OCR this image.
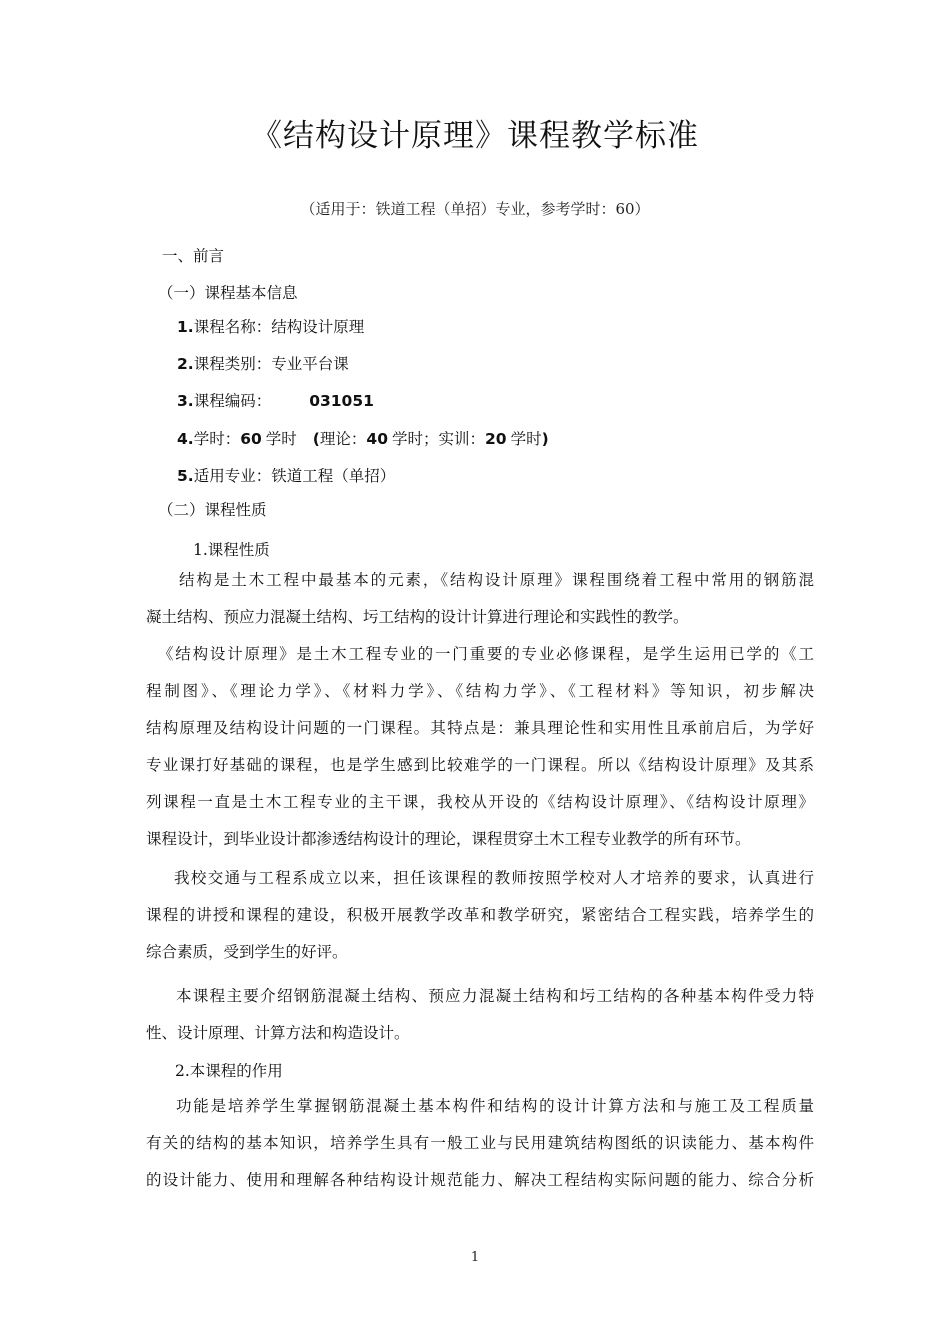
《结构设计原理》课程教学标准
（适用于：铁道工程（单招）专业，参考学时：60）
一、前言
（一）课程基本信息
1.课程名称：结构设计原理
2.课程类别：专业平台课
3.课程编码： 031051
4.学时：60 学时 (理论：40 学时；实训：20 学时)
5.适用专业：铁道工程（单招）
（二）课程性质
1.课程性质
结构是土木工程中最基本的元素，《结构设计原理》课程围绕着工程中常用的钢筋混
凝土结构、预应力混凝土结构、圬工结构的设计计算进行理论和实践性的教学。
《结构设计原理》是土木工程专业的一门重要的专业必修课程，是学生运用已学的《工
程制图》、《理论力学》、《材料力学》、《结构力学》、《工程材料》等知识，初步解决
结构原理及结构设计问题的一门课程。其特点是：兼具理论性和实用性且承前启后，为学好
专业课打好基础的课程，也是学生感到比较难学的一门课程。所以《结构设计原理》及其系
列课程一直是土木工程专业的主干课，我校从开设的《结构设计原理》、《结构设计原理》
课程设计，到毕业设计都渗透结构设计的理论，课程贯穿土木工程专业教学的所有环节。
我校交通与工程系成立以来，担任该课程的教师按照学校对人才培养的要求，认真进行
课程的讲授和课程的建设，积极开展教学改革和教学研究，紧密结合工程实践，培养学生的
综合素质，受到学生的好评。
本课程主要介绍钢筋混凝土结构、预应力混凝土结构和圬工结构的各种基本构件受力特
性、设计原理、计算方法和构造设计。
2.本课程的作用
功能是培养学生掌握钢筋混凝土基本构件和结构的设计计算方法和与施工及工程质量
有关的结构的基本知识，培养学生具有一般工业与民用建筑结构图纸的识读能力、基本构件
的设计能力、使用和理解各种结构设计规范能力、解决工程结构实际问题的能力、综合分析
1
